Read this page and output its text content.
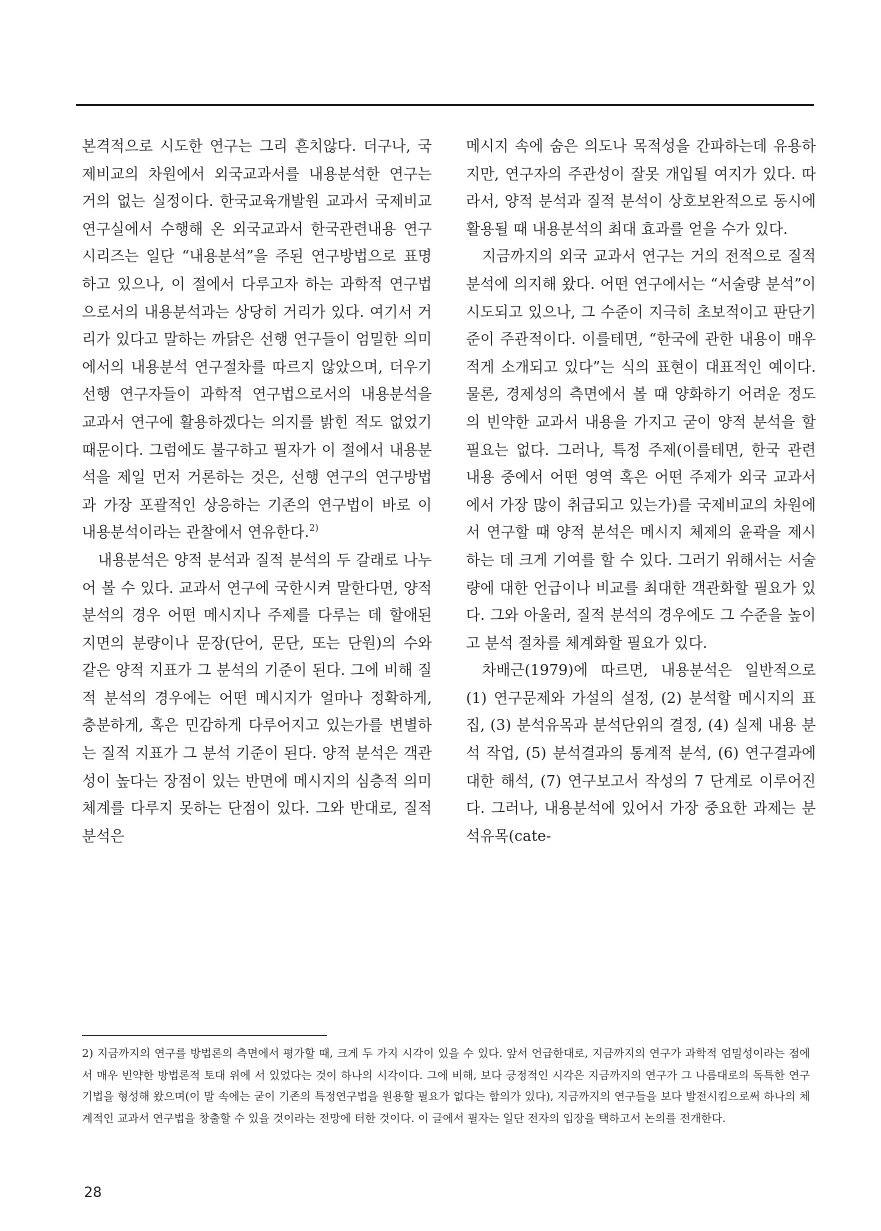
본격적으로 시도한 연구는 그리 흔치않다. 더구나, 국제비교의 차원에서 외국교과서를 내용분석한 연구는 거의 없는 실정이다. 한국교육개발원 교과서 국제비교연구실에서 수행해 온 외국교과서 한국관련내용 연구 시리즈는 일단 “내용분석”을 주된 연구방법으로 표명하고 있으나, 이 절에서 다루고자 하는 과학적 연구법으로서의 내용분석과는 상당히 거리가 있다. 여기서 거리가 있다고 말하는 까닭은 선행 연구들이 엄밀한 의미에서의 내용분석 연구절차를 따르지 않았으며, 더우기 선행 연구자들이 과학적 연구법으로서의 내용분석을 교과서 연구에 활용하겠다는 의지를 밝힌 적도 없었기 때문이다. 그럼에도 불구하고 필자가 이 절에서 내용분석을 제일 먼저 거론하는 것은, 선행 연구의 연구방법과 가장 포괄적인 상응하는 기존의 연구법이 바로 이 내용분석이라는 관찰에서 연유한다.$^{2)}$

내용분석은 양적 분석과 질적 분석의 두 갈래로 나누어 볼 수 있다. 교과서 연구에 국한시켜 말한다면, 양적 분석의 경우 어떤 메시지나 주제를 다루는 데 할애된 지면의 분량이나 문장(단어, 문단, 또는 단원)의 수와 같은 양적 지표가 그 분석의 기준이 된다. 그에 비해 질적 분석의 경우에는 어떤 메시지가 얼마나 정확하게, 충분하게, 혹은 민감하게 다루어지고 있는가를 변별하는 질적 지표가 그 분석 기준이 된다. 양적 분석은 객관성이 높다는 장점이 있는 반면에 메시지의 심층적 의미체계를 다루지 못하는 단점이 있다. 그와 반대로, 질적 분석은

메시지 속에 숨은 의도나 목적성을 간파하는데 유용하지만, 연구자의 주관성이 잘못 개입될 여지가 있다. 따라서, 양적 분석과 질적 분석이 상호보완적으로 동시에 활용될 때 내용분석의 최대 효과를 얻을 수가 있다.

지금까지의 외국 교과서 연구는 거의 전적으로 질적 분석에 의지해 왔다. 어떤 연구에서는 “서술량 분석”이 시도되고 있으나, 그 수준이 지극히 초보적이고 판단기준이 주관적이다. 이를테면, “한국에 관한 내용이 매우 적게 소개되고 있다”는 식의 표현이 대표적인 예이다. 물론, 경제성의 측면에서 볼 때 양화하기 어려운 정도의 빈약한 교과서 내용을 가지고 굳이 양적 분석을 할 필요는 없다. 그러나, 특정 주제(이를테면, 한국 관련 내용 중에서 어떤 영역 혹은 어떤 주제가 외국 교과서에서 가장 많이 취급되고 있는가)를 국제비교의 차원에서 연구할 때 양적 분석은 메시지 체제의 윤곽을 제시하는 데 크게 기여를 할 수 있다. 그러기 위해서는 서술량에 대한 언급이나 비교를 최대한 객관화할 필요가 있다. 그와 아울러, 질적 분석의 경우에도 그 수준을 높이고 분석 절차를 체계화할 필요가 있다.

차배근(1979)에 따르면, 내용분석은 일반적으로 (1) 연구문제와 가설의 설정, (2) 분석할 메시지의 표집, (3) 분석유목과 분석단위의 결정, (4) 실제 내용 분석 작업, (5) 분석결과의 통계적 분석, (6) 연구결과에 대한 해석, (7) 연구보고서 작성의 7 단계로 이루어진다. 그러나, 내용분석에 있어서 가장 중요한 과제는 분석유목(cate-

2) 지금까지의 연구를 방법론의 측면에서 평가할 때, 크게 두 가지 시각이 있을 수 있다. 앞서 언급한대로, 지금까지의 연구가 과학적 엄밀성이라는 점에서 매우 빈약한 방법론적 토대 위에 서 있었다는 것이 하나의 시각이다. 그에 비해, 보다 긍정적인 시각은 지금까지의 연구가 그 나름대로의 독특한 연구기법을 형성해 왔으며(이 말 속에는 굳이 기존의 특정연구법을 원용할 필요가 없다는 함의가 있다), 지금까지의 연구들을 보다 발전시킴으로써 하나의 체계적인 교과서 연구법을 창출할 수 있을 것이라는 전망에 터한 것이다. 이 글에서 필자는 일단 전자의 입장을 택하고서 논의를 전개한다.
28
